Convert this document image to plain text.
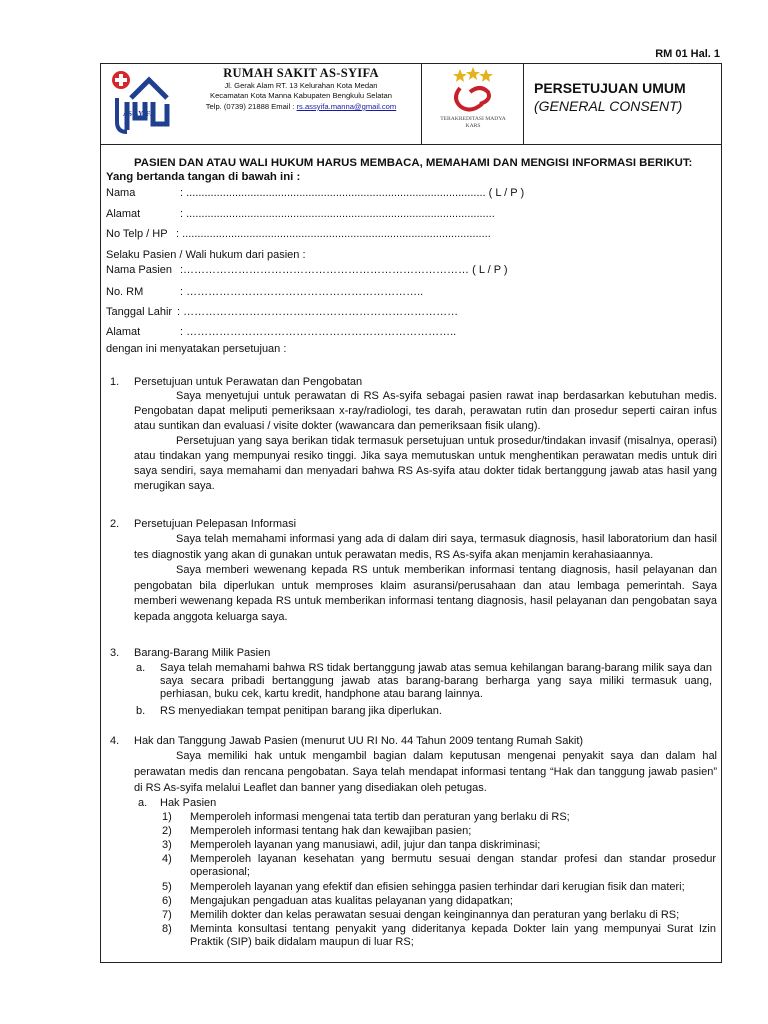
RM 01 Hal. 1
AS-SYIFA
RUMAH SAKIT AS-SYIFA
Jl. Gerak Alam RT. 13 Kelurahan Kota Medan
Kecamatan Kota Manna Kabupaten Bengkulu Selatan
Telp. (0739) 21888 Email : rs.assyifa.manna@gmail.com
TERAKREDITASI MADYA
KARS
PERSETUJUAN UMUM
(GENERAL CONSENT)
PASIEN DAN ATAU WALI HUKUM HARUS MEMBACA, MEMAHAMI DAN MENGISI INFORMASI BERIKUT:
Yang bertanda tangan di bawah ini :
Nama	: .................................................................................................. ( L / P )
Alamat	: .....................................................................................................
No Telp / HP : .....................................................................................................
Selaku Pasien / Wali hukum dari pasien :
Nama Pasien :…………………………………………………………………… ( L / P )
No. RM	: ………………………………………………………..
Tanggal Lahir : …………………………………………………………………
Alamat	: ………………………………………………………………..
dengan ini menyatakan persetujuan :
1. Persetujuan untuk Perawatan dan Pengobatan

Saya menyetujui untuk perawatan di RS As-syifa sebagai pasien rawat inap berdasarkan kebutuhan medis. Pengobatan dapat meliputi pemeriksaan x-ray/radiologi, tes darah, perawatan rutin dan prosedur seperti cairan infus atau suntikan dan evaluasi / visite dokter (wawancara dan pemeriksaan fisik ulang).

Persetujuan yang saya berikan tidak termasuk persetujuan untuk prosedur/tindakan invasif (misalnya, operasi) atau tindakan yang mempunyai resiko tinggi. Jika saya memutuskan untuk menghentikan perawatan medis untuk diri saya sendiri, saya memahami dan menyadari bahwa RS As-syifa atau dokter tidak bertanggung jawab atas hasil yang merugikan saya.

2. Persetujuan Pelepasan Informasi

Saya telah memahami informasi yang ada di dalam diri saya, termasuk diagnosis, hasil laboratorium dan hasil tes diagnostik yang akan di gunakan untuk perawatan medis, RS As-syifa akan menjamin kerahasiaannya.

Saya memberi wewenang kepada RS untuk memberikan informasi tentang diagnosis, hasil pelayanan dan pengobatan bila diperlukan untuk memproses klaim asuransi/perusahaan dan atau lembaga pemerintah. Saya memberi wewenang kepada RS untuk memberikan informasi tentang diagnosis, hasil pelayanan dan pengobatan saya kepada anggota keluarga saya.

3. Barang-Barang Milik Pasien
a. Saya telah memahami bahwa RS tidak bertanggung jawab atas semua kehilangan barang-barang milik saya dan saya secara pribadi bertanggung jawab atas barang-barang berharga yang saya miliki termasuk uang, perhiasan, buku cek, kartu kredit, handphone atau barang lainnya.
b. RS menyediakan tempat penitipan barang jika diperlukan.
4. Hak dan Tanggung Jawab Pasien (menurut UU RI No. 44 Tahun 2009 tentang Rumah Sakit)

Saya memiliki hak untuk mengambil bagian dalam keputusan mengenai penyakit saya dan dalam hal perawatan medis dan rencana pengobatan. Saya telah mendapat informasi tentang “Hak dan tanggung jawab pasien” di RS As-syifa melalui Leaflet dan banner yang disediakan oleh petugas.

a. Hak Pasien
1) Memperoleh informasi mengenai tata tertib dan peraturan yang berlaku di RS;
2) Memperoleh informasi tentang hak dan kewajiban pasien;
3) Memperoleh layanan yang manusiawi, adil, jujur dan tanpa diskriminasi;
4) Memperoleh layanan kesehatan yang bermutu sesuai dengan standar profesi dan standar prosedur operasional;
5) Memperoleh layanan yang efektif dan efisien sehingga pasien terhindar dari kerugian fisik dan materi;
6) Mengajukan pengaduan atas kualitas pelayanan yang didapatkan;
7) Memilih dokter dan kelas perawatan sesuai dengan keinginannya dan peraturan yang berlaku di RS;
8) Meminta konsultasi tentang penyakit yang dideritanya kepada Dokter lain yang mempunyai Surat Izin Praktik (SIP) baik didalam maupun di luar RS;
